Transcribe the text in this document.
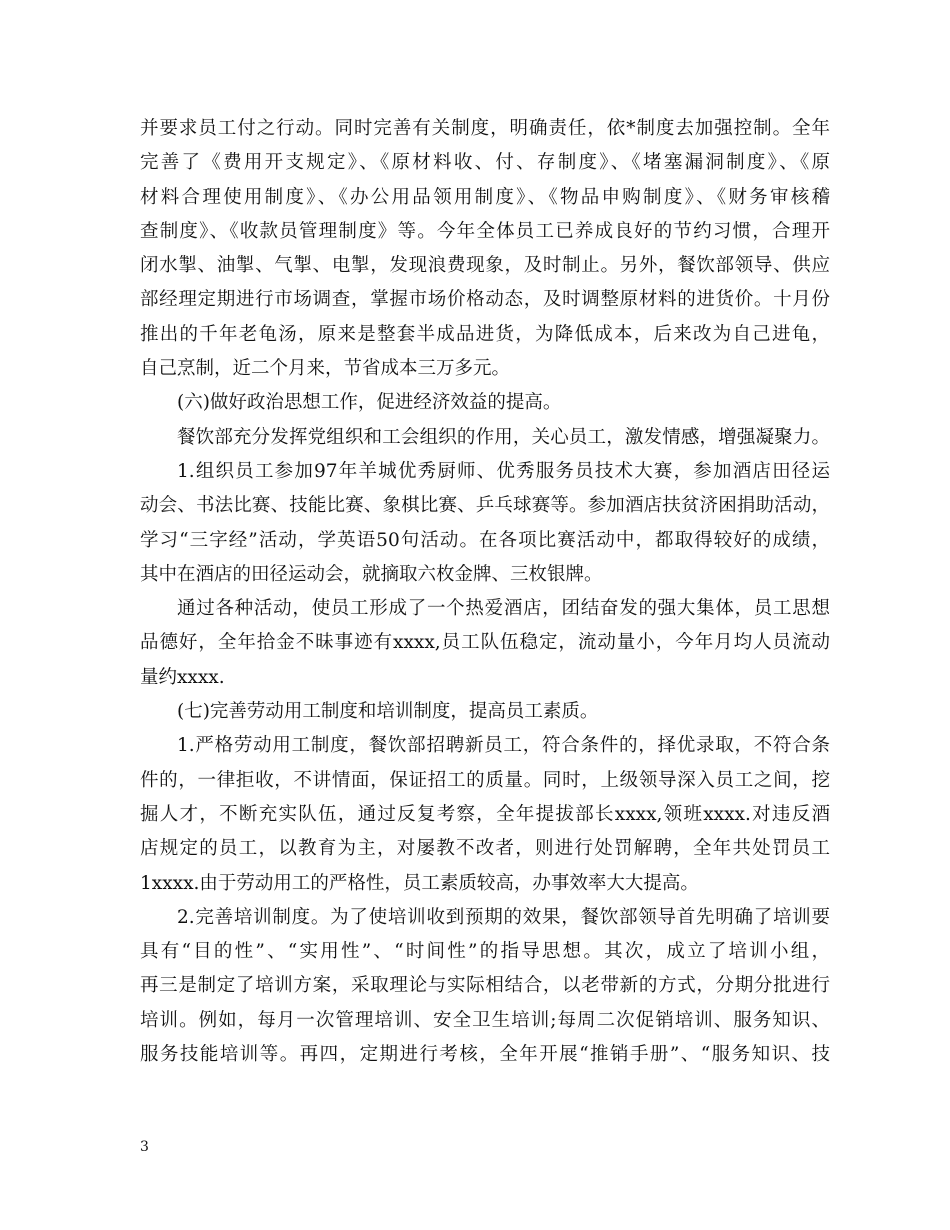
并要求员工付之行动。同时完善有关制度，明确责任，依*制度去加强控制。全年
完善了《费用开支规定》、《原材料收、付、存制度》、《堵塞漏洞制度》、《原
材料合理使用制度》、《办公用品领用制度》、《物品申购制度》、《财务审核稽
查制度》、《收款员管理制度》等。今年全体员工已养成良好的节约习惯，合理开
闭水掣、油掣、气掣、电掣，发现浪费现象，及时制止。另外，餐饮部领导、供应
部经理定期进行市场调查，掌握市场价格动态，及时调整原材料的进货价。十月份
推出的千年老龟汤，原来是整套半成品进货，为降低成本，后来改为自己进龟，
自己烹制，近二个月来，节省成本三万多元。
(六)做好政治思想工作，促进经济效益的提高。
餐饮部充分发挥党组织和工会组织的作用，关心员工，激发情感，增强凝聚力。
1.组织员工参加97年羊城优秀厨师、优秀服务员技术大赛，参加酒店田径运
动会、书法比赛、技能比赛、象棋比赛、乒乓球赛等。参加酒店扶贫济困捐助活动，
学习“三字经”活动，学英语50句活动。在各项比赛活动中，都取得较好的成绩，
其中在酒店的田径运动会，就摘取六枚金牌、三枚银牌。
通过各种活动，使员工形成了一个热爱酒店，团结奋发的强大集体，员工思想
品德好，全年拾金不昧事迹有xxxx,员工队伍稳定，流动量小，今年月均人员流动
量约xxxx.
(七)完善劳动用工制度和培训制度，提高员工素质。
1.严格劳动用工制度，餐饮部招聘新员工，符合条件的，择优录取，不符合条
件的，一律拒收，不讲情面，保证招工的质量。同时，上级领导深入员工之间，挖
掘人才，不断充实队伍，通过反复考察，全年提拔部长xxxx,领班xxxx.对违反酒
店规定的员工，以教育为主，对屡教不改者，则进行处罚解聘，全年共处罚员工
1xxxx.由于劳动用工的严格性，员工素质较高，办事效率大大提高。
2.完善培训制度。为了使培训收到预期的效果，餐饮部领导首先明确了培训要
具有“目的性”、“实用性”、“时间性”的指导思想。其次，成立了培训小组，
再三是制定了培训方案，采取理论与实际相结合，以老带新的方式，分期分批进行
培训。例如，每月一次管理培训、安全卫生培训;每周二次促销培训、服务知识、
服务技能培训等。再四，定期进行考核，全年开展“推销手册”、“服务知识、技
3
